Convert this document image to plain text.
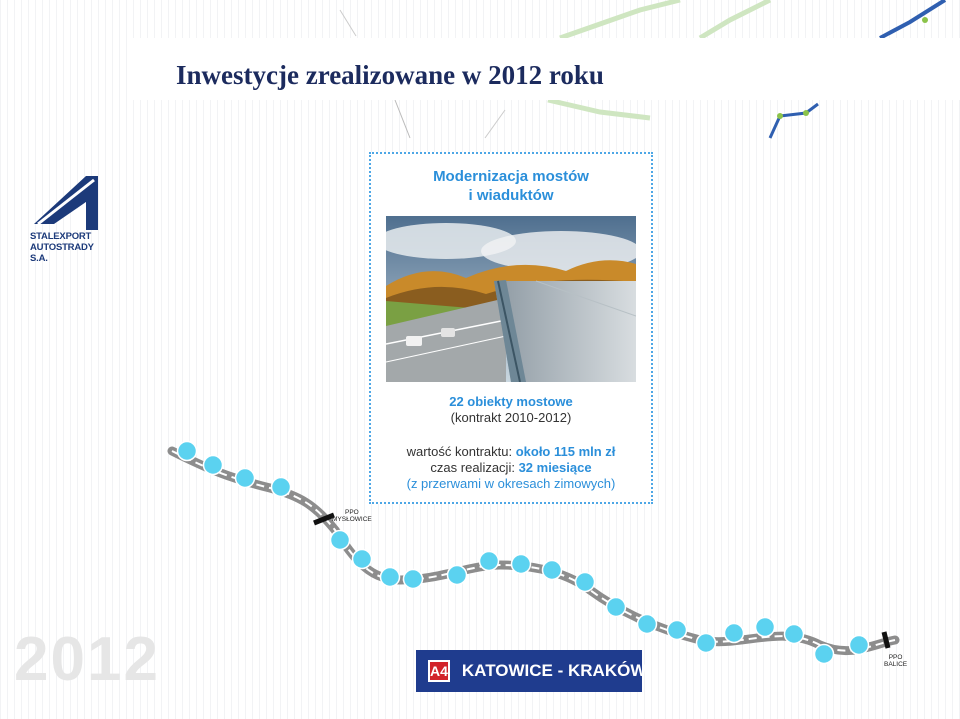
Inwestycje zrealizowane w 2012 roku
STALEXPORT
AUTOSTRADY S.A.
2012
Modernizacja mostów
i wiaduktów
22 obiekty mostowe
(kontrakt 2010-2012)
wartość kontraktu: około 115 mln zł
czas realizacji: 32 miesiące
(z przerwami w okresach zimowych)
PPO
MYSŁOWICE
PPO
BALICE
A4 KATOWICE - KRAKÓW
